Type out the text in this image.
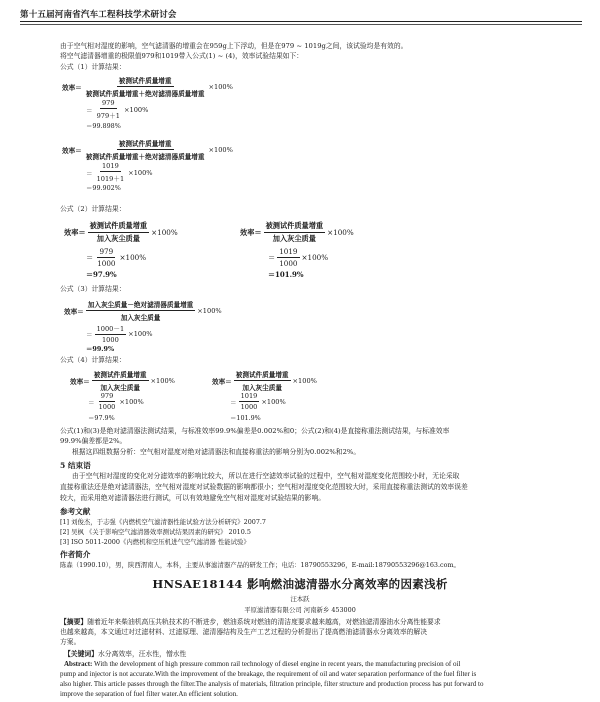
第十五届河南省汽车工程科技学术研讨会
由于空气相对湿度的影响，空气滤清器的增重会在959g上下浮动，但是在979 ~ 1019g之间，该试验均是有效的。
将空气滤清器增重的极限值979和1019带入公式(1) ~ (4)，效率试验结果如下：
公式（1）计算结果：
效率＝ $\frac{\text{被测试件质量增重}}{\text{被测试件质量增重＋绝对滤清器质量增重}} \times 100\%$
＝ $\frac{979}{979+1} \times 100\%$
＝99.898%
效率＝ $\frac{\text{被测试件质量增重}}{\text{被测试件质量增重＋绝对滤清器质量增重}} \times 100\%$
＝ $\frac{1019}{1019+1} \times 100\%$
＝99.902%
公式（2）计算结果：
效率＝ $\frac{\text{被测试件质量增重}}{\text{加入灰尘质量}} \times 100\%$
＝ $\frac{979}{1000} \times 100\%$
＝97.9%
效率＝ $\frac{\text{被测试件质量增重}}{\text{加入灰尘质量}} \times 100\%$
＝ $\frac{1019}{1000} \times 100\%$
＝101.9%
公式（3）计算结果：
效率＝ $\frac{\text{加入灰尘质量－绝对滤清器质量增重}}{\text{加入灰尘质量}} \times 100\%$
＝ $\frac{1000-1}{1000} \times 100\%$
＝99.9%
公式（4）计算结果：
效率＝ $\frac{\text{被测试件质量增重}}{\text{加入灰尘质量}} \times 100\%$
＝ $\frac{979}{1000} \times 100\%$
＝97.9%
效率＝ $\frac{\text{被测试件质量增重}}{\text{加入灰尘质量}} \times 100\%$
＝ $\frac{1019}{1000} \times 100\%$
＝101.9%
公式(1)和(3)是绝对滤清器法测试结果，与标准效率99.9%偏差是0.002%和0；公式(2)和(4)是直接称重法测试结果，与标准效率
99.9%偏差都是2%。
根据这四组数据分析：空气相对湿度对绝对滤清器法和直接称重法的影响分别为0.002%和2%。
5 结束语
由于空气相对湿度的变化对分滤效率的影响比较大，所以在进行空滤效率试验的过程中，空气相对湿度变化范围较小时，无论采取
直接称重法还是绝对滤清器法，空气相对湿度对试验数据的影响都很小；空气相对湿度变化范围较大时，采用直接称重法测试的效率误差
较大，而采用绝对滤清器法进行测试，可以有效地避免空气相对湿度对试验结果的影响。
参考文献
[1] 刘俊杰，于志强《内燃机空气滤清器性能试验方法分析研究》2007.7
[2] 吴枫 《关于影响空气滤清器效率测试结果因素的研究》 2010.5
[3] ISO 5011-2000《内燃机和空压机进气空气滤清器 性能试验》
作者简介
陈森（1990.10），男，陕西渭南人，本科，主要从事滤清器产品的研发工作；电话：18790553296，E-mail:18790553296@163.com。
HNSAE18144 影响燃油滤清器水分离效率的因素浅析
汪本跃
平原滤清器有限公司 河南新乡 453000
【摘要】随着近年来柴油机高压共轨技术的不断进步，燃油系统对燃油的清洁度要求越来越高，对燃油滤清器油水分离性能要求
也越来越高，本文通过对过滤材料、过滤原理、滤清器结构及生产工艺过程的分析提出了提高燃油滤清器水分离效率的解决
方案。
【关键词】水分离效率，汪水性，憎水性
Abstract: With the development of high pressure common rail technology of diesel engine in recent years, the manufacturing precision of oil
pump and injector is not accurate.With the improvement of the breakage, the requirement of oil and water separation performance of the fuel filter is
also higher. This article passes through the filter.The analysis of materials, filtration principle, filter structure and production process has put forward to
improve the separation of fuel filter water.An efficient solution.
